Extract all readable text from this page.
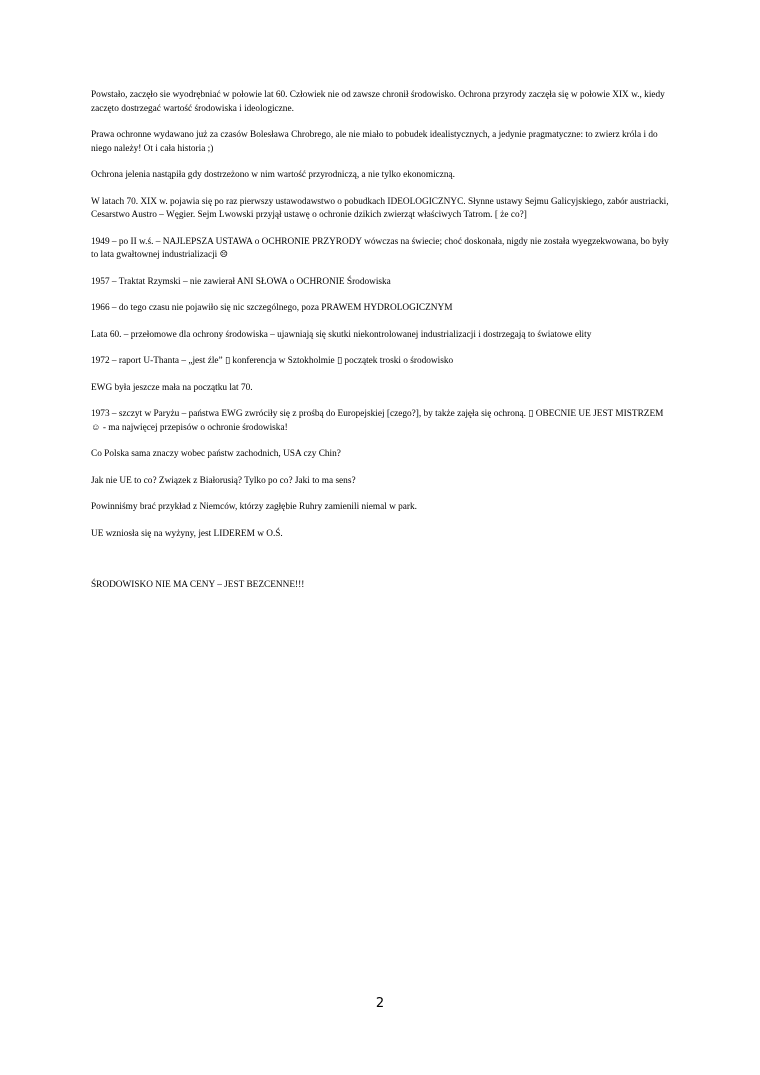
Powstało, zaczęło sie wyodrębniać w połowie lat 60. Człowiek nie od zawsze chronił środowisko. Ochrona przyrody zaczęła się w połowie XIX w., kiedy zaczęto dostrzegać wartość środowiska i ideologiczne.

Prawa ochronne wydawano już za czasów Bolesława Chrobrego, ale nie miało to pobudek idealistycznych, a jedynie pragmatyczne: to zwierz króla i do niego należy! Ot i cała historia ;)

Ochrona jelenia nastąpiła gdy dostrzeżono w nim wartość przyrodniczą, a nie tylko ekonomiczną.

W latach 70. XIX w. pojawia się po raz pierwszy ustawodawstwo o pobudkach IDEOLOGICZNYC. Słynne ustawy Sejmu Galicyjskiego, zabór austriacki, Cesarstwo Austro – Węgier. Sejm Lwowski przyjął ustawę o ochronie dzikich zwierząt właściwych Tatrom. [ że co?]

1949 – po II w.ś. – NAJLEPSZA USTAWA o OCHRONIE PRZYRODY wówczas na świecie; choć doskonała, nigdy nie została wyegzekwowana, bo były to lata gwałtownej industrializacji ☹

1957 – Traktat Rzymski – nie zawierał ANI SŁOWA o OCHRONIE Środowiska

1966 – do tego czasu nie pojawiło się nic szczególnego, poza PRAWEM HYDROLOGICZNYM

Lata 60. – przełomowe dla ochrony środowiska – ujawniają się skutki niekontrolowanej industrializacji i dostrzegają to światowe elity

1972 – raport U-Thanta – „jest źle” ▯ konferencja w Sztokholmie ▯ początek troski o środowisko

EWG była jeszcze mała na początku lat 70.

1973 – szczyt w Paryżu – państwa EWG zwróciły się z prośbą do Europejskiej [czego?], by także zajęła się ochroną. ▯ OBECNIE UE JEST MISTRZEM ☺ - ma najwięcej przepisów o ochronie środowiska!

Co Polska sama znaczy wobec państw zachodnich, USA czy Chin?

Jak nie UE to co? Związek z Białorusią? Tylko po co? Jaki to ma sens?

Powinniśmy brać przykład z Niemców, którzy zagłębie Ruhry zamienili niemal w park.

UE wzniosła się na wyżyny, jest LIDEREM w O.Ś.

ŚRODOWISKO NIE MA CENY – JEST BEZCENNE!!!

2
